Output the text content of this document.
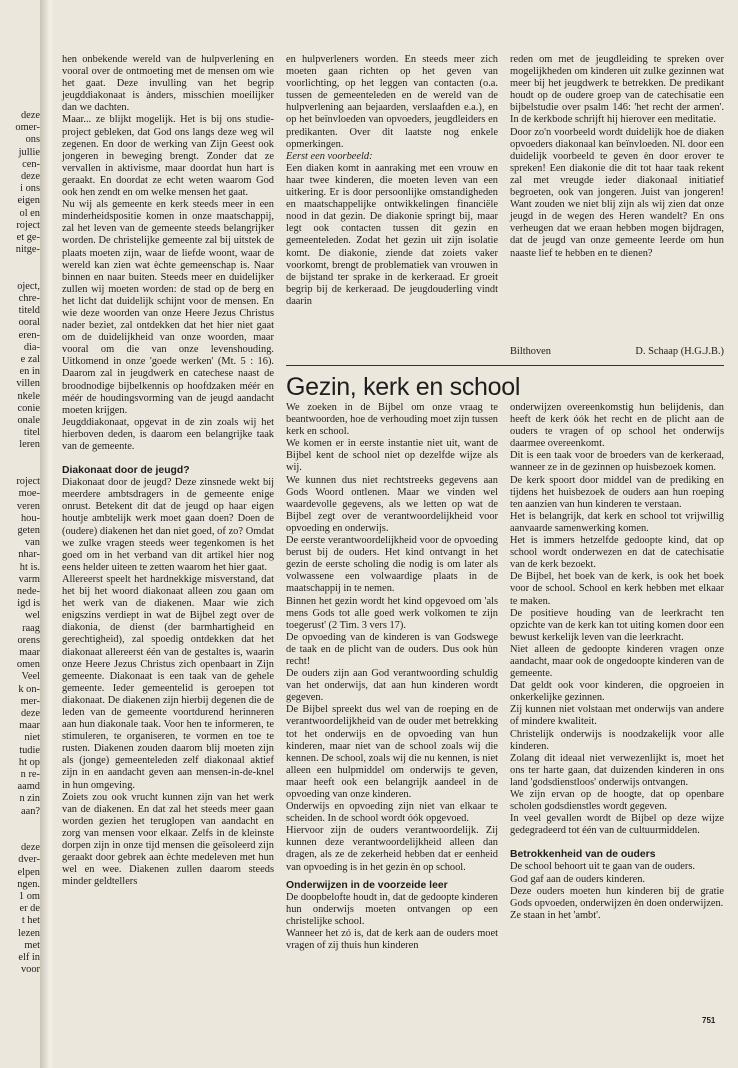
deze
omer-
ons
jullie
cen-
deze
i ons
eigen
ol en
roject
et ge-
nitge-

oject,
chre-
titeld
ooral
eren-
dia-
e zal
en in
villen
nkele
conie
onale
titel
leren

roject
moe-
veren
hou-
geten
van
nhar-
ht is.
varm
nede-
igd is
wel
raag
orens
maar
omen
Veel
k on-
mer-
deze
maar
niet
tudie
ht op
n re-
aamd
n zin
aan?

deze
dver-
elpen
ngen.
1 om
er de
t het
lezen
met
elf in
voor

hen onbekende wereld van de hulpverlening en vooral over de ontmoeting met de mensen om wie het gaat. Deze invulling van het begrip jeugddiakonaat is ànders, misschien moeilijker dan we dachten.

Maar... ze blijkt mogelijk. Het is bij ons studie-project gebleken, dat God ons langs deze weg wil zegenen. En door de werking van Zijn Geest ook jongeren in beweging brengt. Zonder dat ze vervallen in aktivisme, maar doordat hun hart is geraakt. En doordat ze echt weten waarom God ook hen zendt en om welke mensen het gaat.

Nu wij als gemeente en kerk steeds meer in een minderheidspositie komen in onze maatschappij, zal het leven van de gemeente steeds belangrijker worden. De christelijke gemeente zal bij uitstek de plaats moeten zijn, waar de liefde woont, waar de wereld kan zien wat èchte gemeenschap is. Naar binnen en naar buiten. Steeds meer en duidelijker zullen wij moeten worden: de stad op de berg en het licht dat duidelijk schijnt voor de mensen. En wie deze woorden van onze Heere Jezus Christus nader beziet, zal ontdekken dat het hier niet gaat om de duidelijkheid van onze woorden, maar vooral om die van onze levenshouding. Uitkomend in onze 'goede werken' (Mt. 5 : 16). Daarom zal in jeugdwerk en catechese naast de broodnodige bijbelkennis op hoofdzaken méér en méér de houdingsvorming van de jeugd aandacht moeten krijgen.

Jeugddiakonaat, opgevat in de zin zoals wij het hierboven deden, is daarom een belangrijke taak van de gemeente.

Diakonaat door de jeugd?

Diakonaat door de jeugd? Deze zinsnede wekt bij meerdere ambtsdragers in de gemeente enige onrust. Betekent dit dat de jeugd op haar eigen houtje ambtelijk werk moet gaan doen? Doen de (oudere) diakenen het dan niet goed, of zo? Omdat we zulke vragen steeds weer tegenkomen is het goed om in het verband van dit artikel hier nog eens helder uiteen te zetten waarom het hier gaat.

Allereerst speelt het hardnekkige misverstand, dat het bij het woord diakonaat alleen zou gaan om het werk van de diakenen. Maar wie zich enigszins verdiept in wat de Bijbel zegt over de diakonia, de dienst (der barmhartigheid en gerechtigheid), zal spoedig ontdekken dat het diakonaat allereerst één van de gestaltes is, waarin onze Heere Jezus Christus zich openbaart in Zijn gemeente. Diakonaat is een taak van de gehele gemeente. Ieder gemeentelid is geroepen tot diakonaat. De diakenen zijn hierbij degenen die de leden van de gemeente voortdurend herinneren aan hun diakonale taak. Voor hen te informeren, te stimuleren, te organiseren, te vormen en toe te rusten. Diakenen zouden daarom blij moeten zijn als (jonge) gemeenteleden zelf diakonaal aktief zijn in en aandacht geven aan mensen-in-de-knel in hun omgeving.

Zoiets zou ook vrucht kunnen zijn van het werk van de diakenen. En dat zal het steeds meer gaan worden gezien het teruglopen van aandacht en zorg van mensen voor elkaar. Zelfs in de kleinste dorpen zijn in onze tijd mensen die geïsoleerd zijn geraakt door gebrek aan èchte medeleven met hun wel en wee. Diakenen zullen daarom steeds minder geldtellers

en hulpverleners worden. En steeds meer zich moeten gaan richten op het geven van voorlichting, op het leggen van contacten (o.a. tussen de gemeenteleden en de wereld van de hulpverlening aan bejaarden, verslaafden e.a.), en op het beïnvloeden van opvoeders, jeugdleiders en predikanten. Over dit laatste nog enkele opmerkingen.

Eerst een voorbeeld:

Een diaken komt in aanraking met een vrouw en haar twee kinderen, die moeten leven van een uitkering. Er is door persoonlijke omstandigheden en maatschappelijke ontwikkelingen financiële nood in dat gezin. De diakonie springt bij, maar legt ook contacten tussen dit gezin en gemeenteleden. Zodat het gezin uit zijn isolatie komt. De diakonie, ziende dat zoiets vaker voorkomt, brengt de problematiek van vrouwen in de bijstand ter sprake in de kerkeraad. Er groeit begrip bij de kerkeraad. De jeugdouderling vindt daarin

reden om met de jeugdleiding te spreken over mogelijkheden om kinderen uit zulke gezinnen wat meer bij het jeugdwerk te betrekken. De predikant houdt op de oudere groep van de catechisatie een bijbelstudie over psalm 146: 'het recht der armen'. In de kerkbode schrijft hij hierover een meditatie.

Door zo'n voorbeeld wordt duidelijk hoe de diaken opvoeders diakonaal kan beïnvloeden. Nl. door een duidelijk voorbeeld te geven èn door erover te spreken! Een diakonie die dit tot haar taak rekent zal met vreugde ieder diakonaal initiatief begroeten, ook van jongeren. Juist van jongeren! Want zouden we niet blij zijn als wij zien dat onze jeugd in de wegen des Heren wandelt? En ons verheugen dat we eraan hebben mogen bijdragen, dat de jeugd van onze gemeente leerde om hun naaste lief te hebben en te dienen?

Bilthoven	D. Schaap (H.G.J.B.)
Gezin, kerk en school

We zoeken in de Bijbel om onze vraag te beantwoorden, hoe de verhouding moet zijn tussen kerk en school.

We komen er in eerste instantie niet uit, want de Bijbel kent de school niet op dezelfde wijze als wij.

We kunnen dus niet rechtstreeks gegevens aan Gods Woord ontlenen. Maar we vinden wel waardevolle gegevens, als we letten op wat de Bijbel zegt over de verantwoordelijkheid voor opvoeding en onderwijs.

De eerste verantwoordelijkheid voor de opvoeding berust bij de ouders. Het kind ontvangt in het gezin de eerste scholing die nodig is om later als volwassene een volwaardige plaats in de maatschappij in te nemen.

Binnen het gezin wordt het kind opgevoed om 'als mens Gods tot alle goed werk volkomen te zijn toegerust' (2 Tim. 3 vers 17).

De opvoeding van de kinderen is van Godswege de taak en de plicht van de ouders. Dus ook hùn recht!

De ouders zijn aan God verantwoording schuldig van het onderwijs, dat aan hun kinderen wordt gegeven.

De Bijbel spreekt dus wel van de roeping en de verantwoordelijkheid van de ouder met betrekking tot het onderwijs en de opvoeding van hun kinderen, maar niet van de school zoals wij die kennen. De school, zoals wij die nu kennen, is niet alleen een hulpmiddel om onderwijs te geven, maar heeft ook een belangrijk aandeel in de opvoeding van onze kinderen.

Onderwijs en opvoeding zijn niet van elkaar te scheiden. In de school wordt óók opgevoed.

Hiervoor zijn de ouders verantwoordelijk. Zij kunnen deze verantwoordelijkheid alleen dan dragen, als ze de zekerheid hebben dat er eenheid van opvoeding is in het gezin èn op school.

Onderwijzen in de voorzeide leer

De doopbelofte houdt in, dat de gedoopte kinderen hun onderwijs moeten ontvangen op een christelijke school.

Wanneer het zó is, dat de kerk aan de ouders moet vragen of zij thuis hun kinderen

onderwijzen overeenkomstig hun belijdenis, dan heeft de kerk óók het recht en de plicht aan de ouders te vragen of op school het onderwijs daarmee overeenkomt.

Dit is een taak voor de broeders van de kerkeraad, wanneer ze in de gezinnen op huisbezoek komen.

De kerk spoort door middel van de prediking en tijdens het huisbezoek de ouders aan hun roeping ten aanzien van hun kinderen te verstaan.

Het is belangrijk, dat kerk en school tot vrijwillig aanvaarde samenwerking komen.

Het is immers hetzelfde gedoopte kind, dat op school wordt onderwezen en dat de catechisatie van de kerk bezoekt.

De Bijbel, het boek van de kerk, is ook het boek voor de school. School en kerk hebben met elkaar te maken.

De positieve houding van de leerkracht ten opzichte van de kerk kan tot uiting komen door een bewust kerkelijk leven van die leerkracht.

Niet alleen de gedoopte kinderen vragen onze aandacht, maar ook de ongedoopte kinderen van de gemeente.

Dat geldt ook voor kinderen, die opgroeien in onkerkelijke gezinnen.

Zij kunnen niet volstaan met onderwijs van andere of mindere kwaliteit.

Christelijk onderwijs is noodzakelijk voor alle kinderen.

Zolang dit ideaal niet verwezenlijkt is, moet het ons ter harte gaan, dat duizenden kinderen in ons land 'godsdienstloos' onderwijs ontvangen.

We zijn ervan op de hoogte, dat op openbare scholen godsdienstles wordt gegeven.

In veel gevallen wordt de Bijbel op deze wijze gedegradeerd tot één van de cultuurmiddelen.

Betrokkenheid van de ouders

De school behoort uit te gaan van de ouders.

God gaf aan de ouders kinderen.

Deze ouders moeten hun kinderen bij de gratie Gods opvoeden, onderwijzen èn doen onderwijzen.

Ze staan in het 'ambt'.

751
